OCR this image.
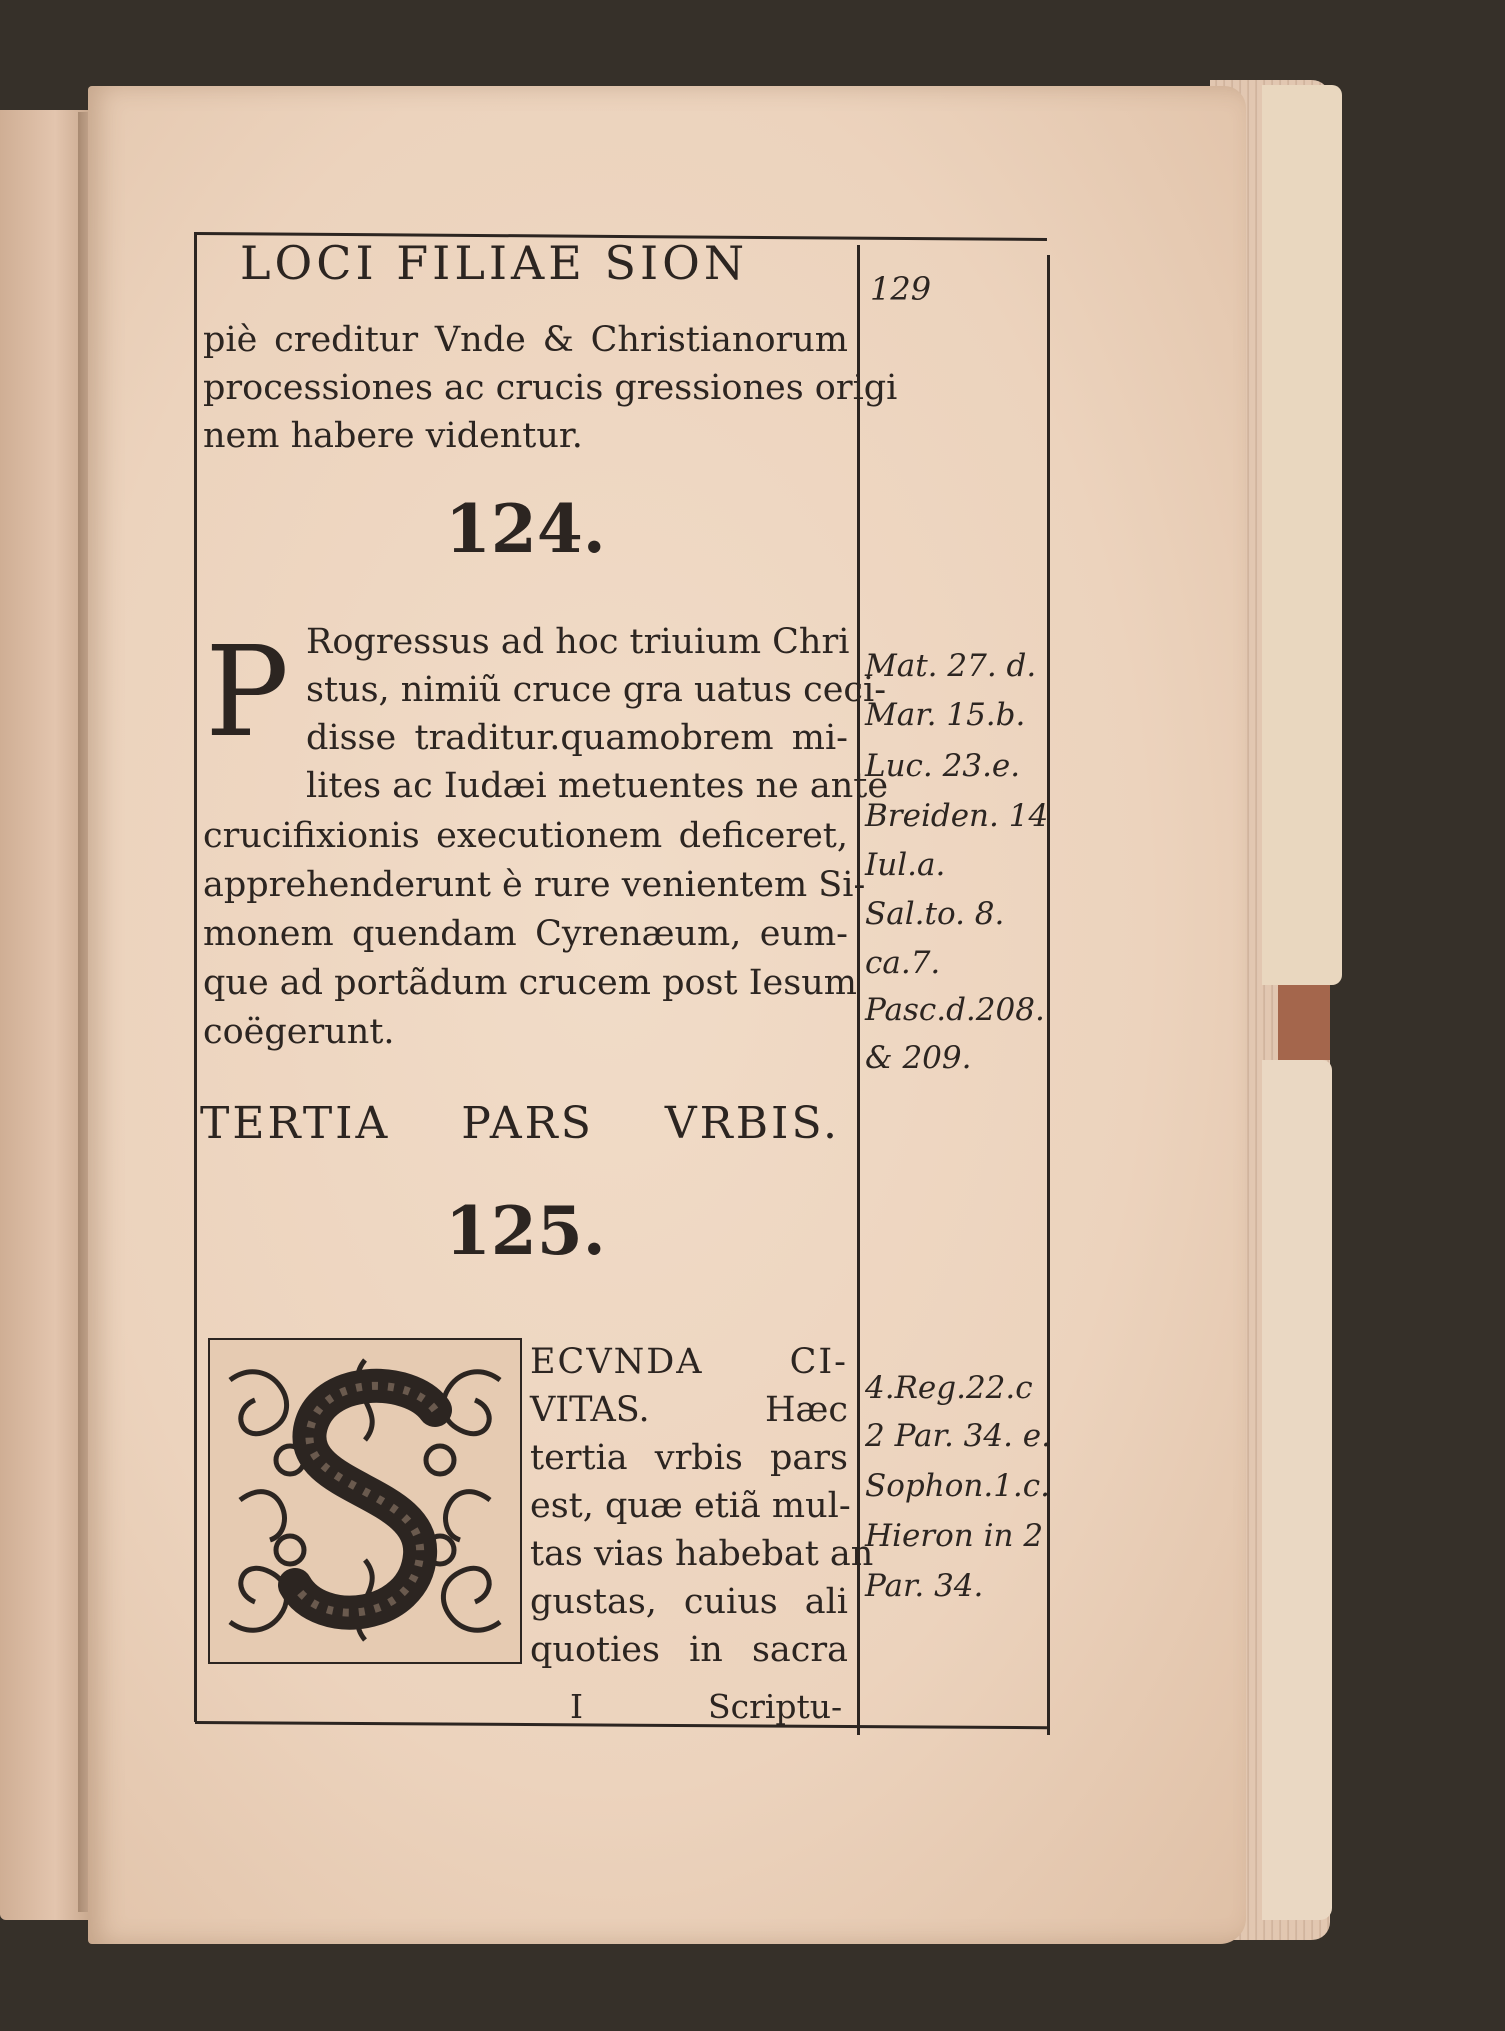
LOCI FILIAE SION	129
piè creditur Vnde & Christianorum
processiones ac crucis gressiones origi
nem habere videntur.
124.
P Rogressus ad hoc triuium Chri
stus, nimiũ cruce gra uatus ceci-
disse traditur.quamobrem mi-
lites ac Iudæi metuentes ne ante
crucifixionis executionem deficeret,
apprehenderunt è rure venientem Si-
monem quendam Cyrenæum, eum-
que ad portãdum crucem post Iesum
coëgerunt.
TERTIA PARS VRBIS.
125.
ECVNDA CI-
VITAS. Hæc
tertia vrbis pars
est, quæ etiã mul-
tas vias habebat an
gustas, cuius ali
quoties in sacra
I	Scriptu-
Mat. 27. d.
Mar. 15.b.
Luc. 23.e.
Breiden. 14
Iul.a.
Sal.to. 8.
ca.7.
Pasc.d.208.
& 209.
4.Reg.22.c
2 Par. 34. e.
Sophon.1.c.
Hieron in 2
Par. 34.
